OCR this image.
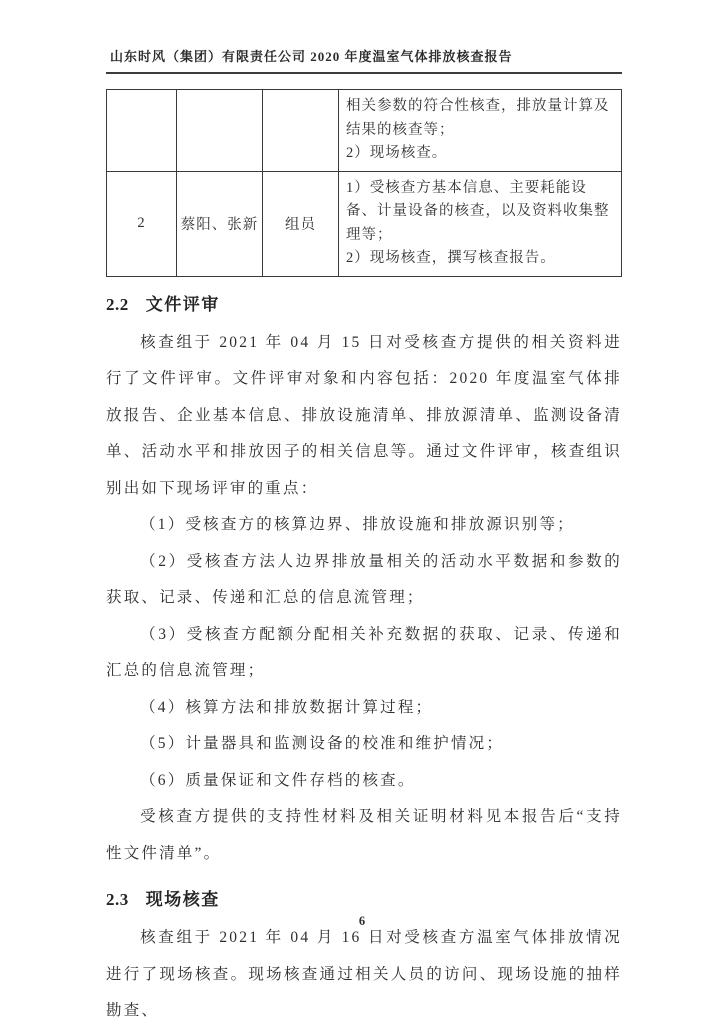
山东时风（集团）有限责任公司 2020 年度温室气体排放核查报告

			相关参数的符合性核查，排放量计算及结果的核查等；
2）现场核查。

2	蔡阳、张新	组员	1）受核查方基本信息、主要耗能设备、计量设备的核查，以及资料收集整理等；
2）现场核查，撰写核查报告。
2.2 文件评审

核查组于 2021 年 04 月 15 日对受核查方提供的相关资料进行了文件评审。文件评审对象和内容包括：2020 年度温室气体排放报告、企业基本信息、排放设施清单、排放源清单、监测设备清单、活动水平和排放因子的相关信息等。通过文件评审，核查组识别出如下现场评审的重点：

（1）受核查方的核算边界、排放设施和排放源识别等；

（2）受核查方法人边界排放量相关的活动水平数据和参数的获取、记录、传递和汇总的信息流管理；

（3）受核查方配额分配相关补充数据的获取、记录、传递和汇总的信息流管理；

（4）核算方法和排放数据计算过程；

（5）计量器具和监测设备的校准和维护情况；

（6）质量保证和文件存档的核查。

受核查方提供的支持性材料及相关证明材料见本报告后“支持性文件清单”。

2.3 现场核查

核查组于 2021 年 04 月 16 日对受核查方温室气体排放情况进行了现场核查。现场核查通过相关人员的访问、现场设施的抽样勘查、

6
